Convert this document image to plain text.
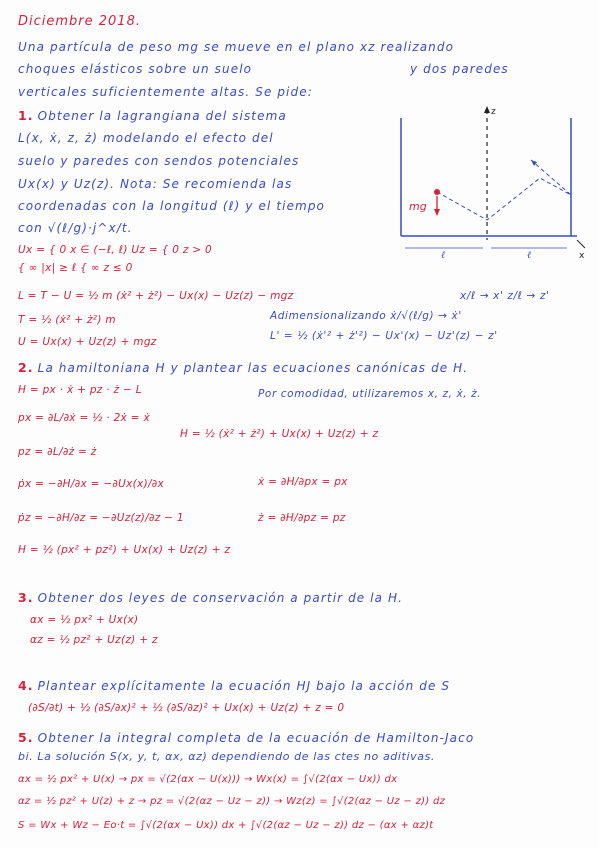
Diciembre 2018.
Una partícula de peso mg se mueve en el plano xz realizando
choques elásticos sobre un suelo	y dos paredes
verticales suficientemente altas. Se pide:
1. Obtener la lagrangiana del sistema
L(x, ẋ, z, ż) modelando el efecto del
suelo y paredes con sendos potenciales
Ux(x) y Uz(z). Nota: Se recomienda las
coordenadas con la longitud (ℓ) y el tiempo
con √(ℓ/g)·j^x/t.
Ux = { 0 x ∈ (−ℓ, ℓ) Uz = { 0 z > 0
{ ∞ |x| ≥ ℓ { ∞ z ≤ 0
L = T − U = ½ m (ẋ² + ż²) − Ux(x) − Uz(z) − mgz
T = ½ (ẋ² + ż²) m
U = Ux(x) + Uz(z) + mgz
x/ℓ → x' z/ℓ → z'
Adimensionalizando ẋ/√(ℓ/g) → ẋ'
L' = ½ (ẋ'² + ż'²) − Ux'(x) − Uz'(z) − z'
z
x
mg
ℓ	ℓ
2. La hamiltoniana H y plantear las ecuaciones canónicas de H.
H = px · ẋ + pz · ż − L
px = ∂L/∂ẋ = ½ · 2ẋ = ẋ
pz = ∂L/∂ż = ż
ṗx = −∂H/∂x = −∂Ux(x)/∂x
ṗz = −∂H/∂z = −∂Uz(z)/∂z − 1
H = ½ (px² + pz²) + Ux(x) + Uz(z) + z
Por comodidad, utilizaremos x, z, ẋ, ż.
H = ½ (ẋ² + ż²) + Ux(x) + Uz(z) + z
ẋ = ∂H/∂px = px
ż = ∂H/∂pz = pz
3. Obtener dos leyes de conservación a partir de la H.
αx = ½ px² + Ux(x)
αz = ½ pz² + Uz(z) + z
4. Plantear explícitamente la ecuación HJ bajo la acción de S
(∂S/∂t) + ½ (∂S/∂x)² + ½ (∂S/∂z)² + Ux(x) + Uz(z) + z = 0
5. Obtener la integral completa de la ecuación de Hamilton-Jaco
bi. La solución S(x, y, t, αx, αz) dependiendo de las ctes no aditivas.
αx = ½ px² + U(x) → px = √(2(αx − U(x))) → Wx(x) = ∫√(2(αx − Ux)) dx
αz = ½ pz² + U(z) + z → pz = √(2(αz − Uz − z)) → Wz(z) = ∫√(2(αz − Uz − z)) dz
S = Wx + Wz − Eo·t = ∫√(2(αx − Ux)) dx + ∫√(2(αz − Uz − z)) dz − (αx + αz)t
